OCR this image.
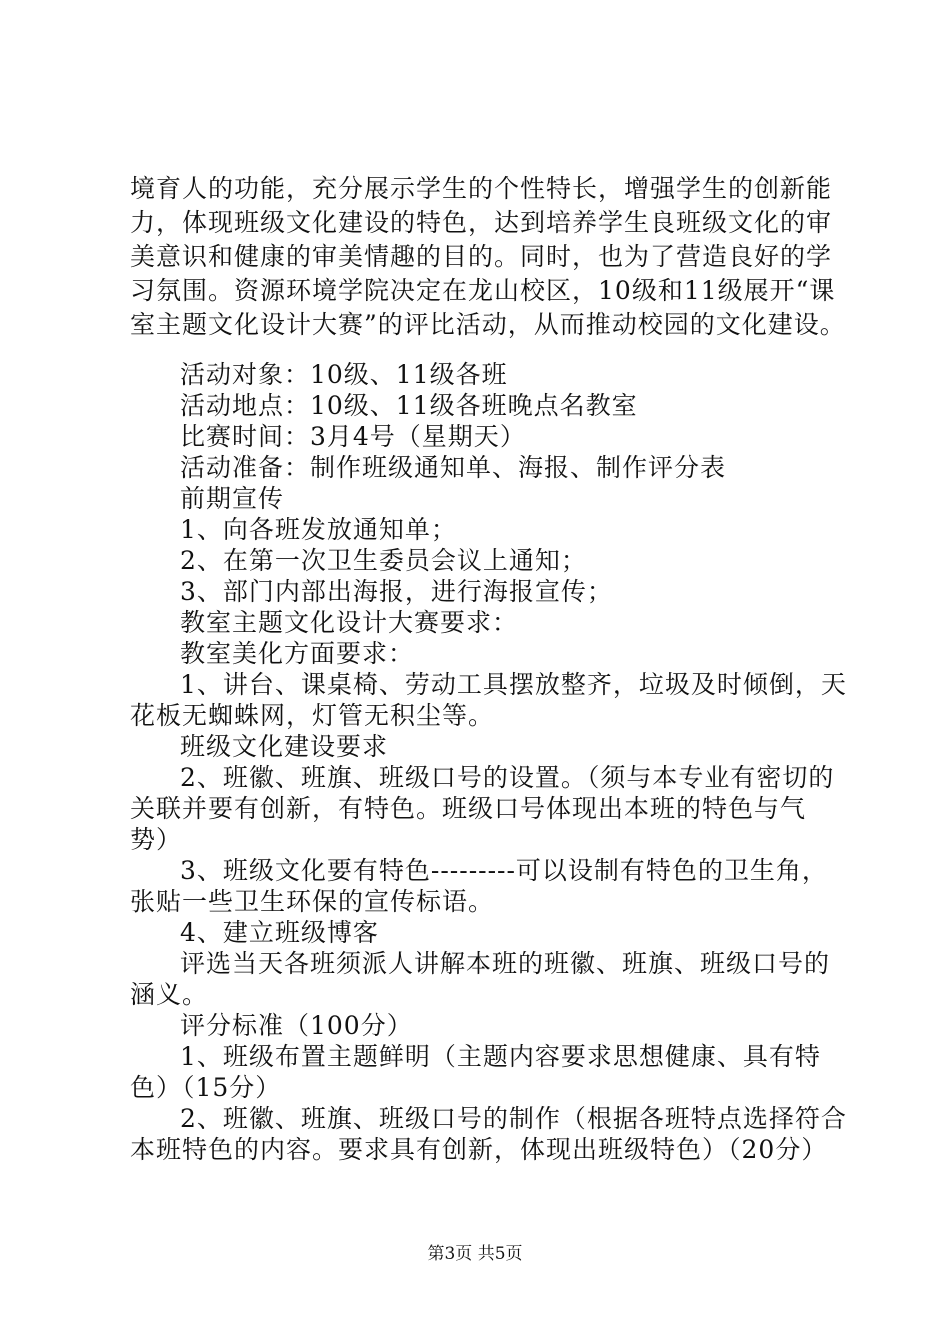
境育人的功能，充分展示学生的个性特长，增强学生的创新能
力，体现班级文化建设的特色，达到培养学生良班级文化的审
美意识和健康的审美情趣的目的。同时，也为了营造良好的学
习氛围。资源环境学院决定在龙山校区，10级和11级展开“课
室主题文化设计大赛”的评比活动，从而推动校园的文化建设。
活动对象：10级、11级各班
活动地点：10级、11级各班晚点名教室
比赛时间：3月4号（星期天）
活动准备：制作班级通知单、海报、制作评分表
前期宣传
1、向各班发放通知单；
2、在第一次卫生委员会议上通知；
3、部门内部出海报，进行海报宣传；
教室主题文化设计大赛要求：
教室美化方面要求：
1、讲台、课桌椅、劳动工具摆放整齐，垃圾及时倾倒，天
花板无蜘蛛网，灯管无积尘等。
班级文化建设要求
2、班徽、班旗、班级口号的设置。（须与本专业有密切的
关联并要有创新，有特色。班级口号体现出本班的特色与气
势）
3、班级文化要有特色---------可以设制有特色的卫生角，
张贴一些卫生环保的宣传标语。
4、建立班级博客
评选当天各班须派人讲解本班的班徽、班旗、班级口号的
涵义。
评分标准（100分）
1、班级布置主题鲜明（主题内容要求思想健康、具有特
色）（15分）
2、班徽、班旗、班级口号的制作（根据各班特点选择符合
本班特色的内容。要求具有创新，体现出班级特色）（20分）
第3页 共5页
